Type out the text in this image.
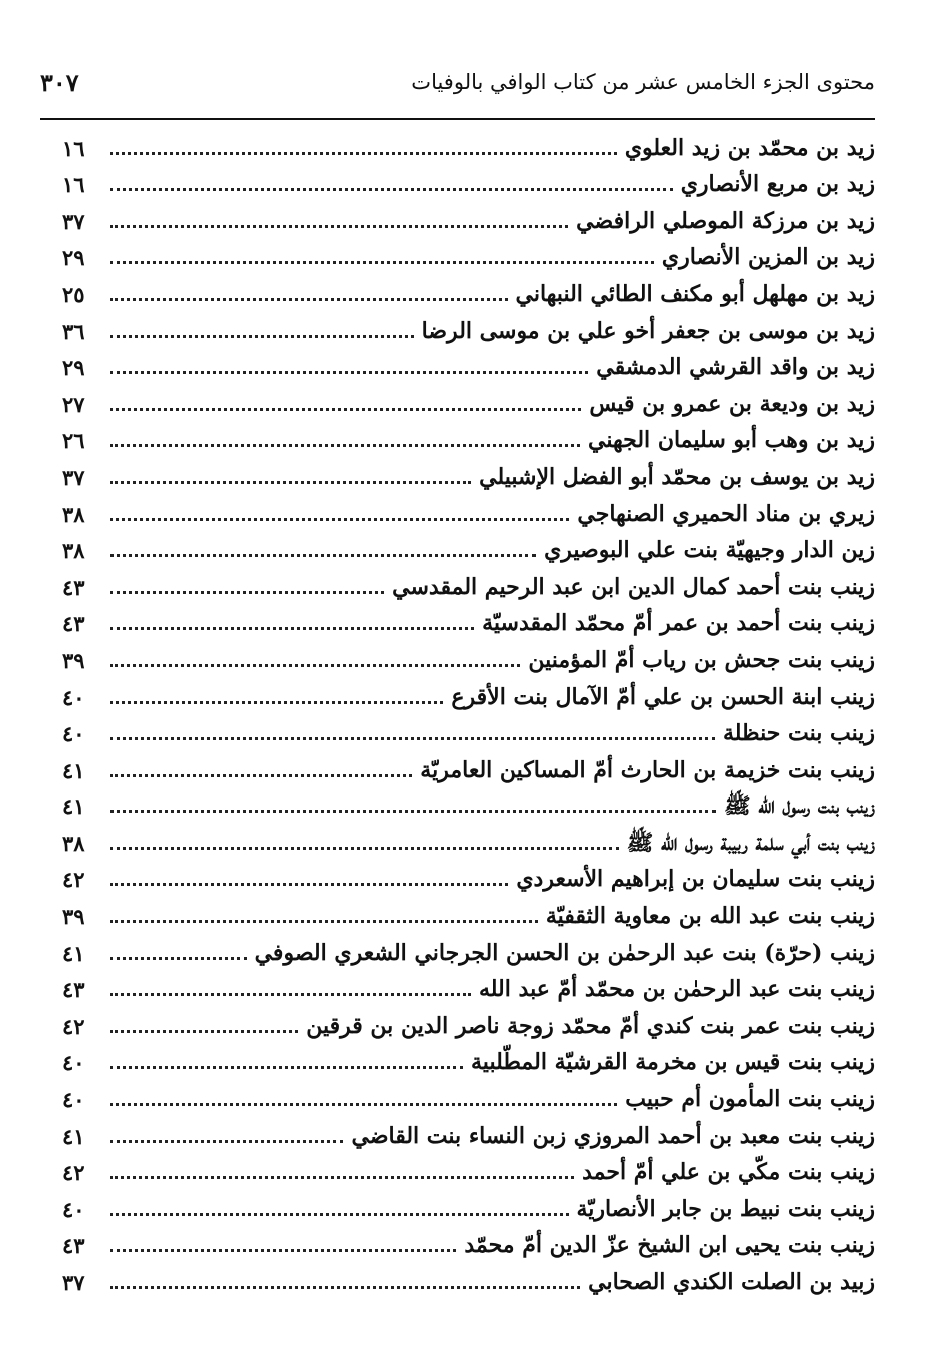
محتوى الجزء الخامس عشر من كتاب الوافي بالوفيات
٣٠٧
زيد بن محمّد بن زيد العلوي
١٦
زيد بن مربع الأنصاري
١٦
زيد بن مرزكة الموصلي الرافضي
٣٧
زيد بن المزين الأنصاري
٢٩
زيد بن مهلهل أبو مكنف الطائي النبهاني
٢٥
زيد بن موسى بن جعفر أخو علي بن موسى الرضا
٣٦
زيد بن واقد القرشي الدمشقي
٢٩
زيد بن وديعة بن عمرو بن قيس
٢٧
زيد بن وهب أبو سليمان الجهني
٢٦
زيد بن يوسف بن محمّد أبو الفضل الإشبيلي
٣٧
زيري بن مناد الحميري الصنهاجي
٣٨
زين الدار وجيهيّة بنت علي البوصيري
٣٨
زينب بنت أحمد كمال الدين ابن عبد الرحيم المقدسي
٤٣
زينب بنت أحمد بن عمر أمّ محمّد المقدسيّة
٤٣
زينب بنت جحش بن رياب أمّ المؤمنين
٣٩
زينب ابنة الحسن بن علي أمّ الآمال بنت الأقرع
٤٠
زينب بنت حنظلة
٤٠
زينب بنت خزيمة بن الحارث أمّ المساكين العامريّة
٤١
زينب بنت رسول الله ﷺ
٤١
زينب بنت أبي سلمة ربيبة رسول الله ﷺ
٣٨
زينب بنت سليمان بن إبراهيم الأسعردي
٤٢
زينب بنت عبد الله بن معاوية الثقفيّة
٣٩
زينب (حرّة) بنت عبد الرحمٰن بن الحسن الجرجاني الشعري الصوفي
٤١
زينب بنت عبد الرحمٰن بن محمّد أمّ عبد الله
٤٣
زينب بنت عمر بنت كندي أمّ محمّد زوجة ناصر الدين بن قرقين
٤٢
زينب بنت قيس بن مخرمة القرشيّة المطّلبية
٤٠
زينب بنت المأمون أم حبيب
٤٠
زينب بنت معبد بن أحمد المروزي زبن النساء بنت القاضي
٤١
زينب بنت مكّي بن علي أمّ أحمد
٤٢
زينب بنت نبيط بن جابر الأنصاريّة
٤٠
زينب بنت يحيى ابن الشيخ عزّ الدين أمّ محمّد
٤٣
زبيد بن الصلت الكندي الصحابي
٣٧
